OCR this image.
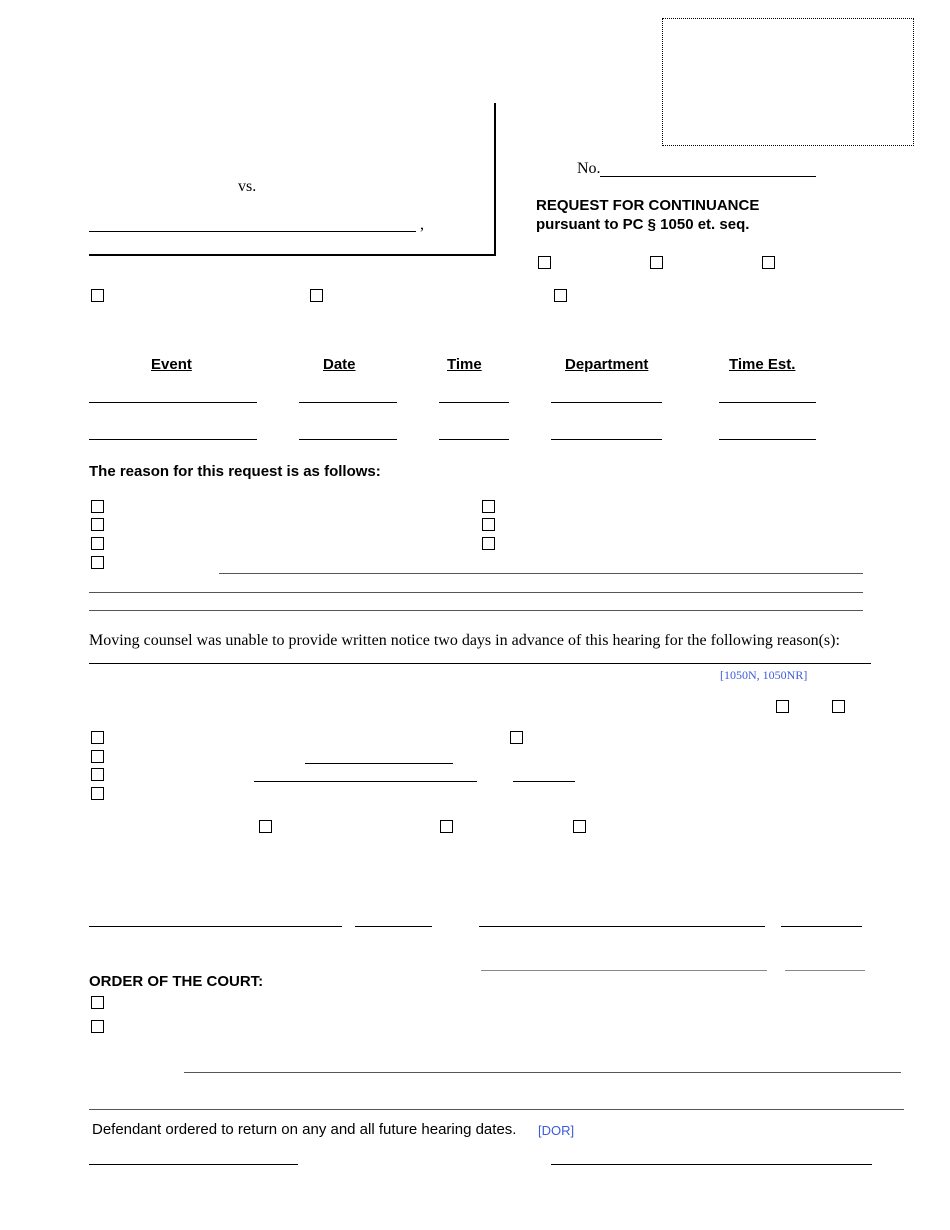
vs.
,
No.
REQUEST FOR CONTINUANCE
pursuant to PC § 1050 et. seq.
Event	Date	Time	Department	Time Est.
The reason for this request is as follows:
Moving counsel was unable to provide written notice two days in advance of this hearing for the following reason(s):
[1050N, 1050NR]
ORDER OF THE COURT:
Defendant ordered to return on any and all future hearing dates. [DOR]
